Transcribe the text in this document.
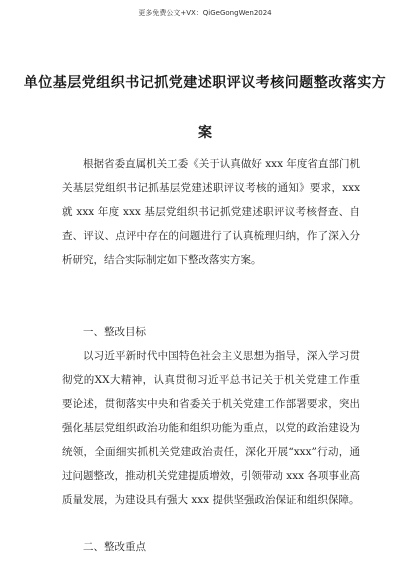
更多免费公文+VX：QiGeGongWen2024
单位基层党组织书记抓党建述职评议考核问题整改落实方
案

根据省委直属机关工委《关于认真做好 xxx 年度省直部门机关基层党组织书记抓基层党建述职评议考核的通知》要求，xxx 就 xxx 年度 xxx 基层党组织书记抓党建述职评议考核督查、自查、评议、点评中存在的问题进行了认真梳理归纳，作了深入分析研究，结合实际制定如下整改落实方案。

一、整改目标

以习近平新时代中国特色社会主义思想为指导，深入学习贯彻党的XX大精神，认真贯彻习近平总书记关于机关党建工作重要论述，贯彻落实中央和省委关于机关党建工作部署要求，突出强化基层党组织政治功能和组织功能为重点，以党的政治建设为统领，全面细实抓机关党建政治责任，深化开展“xxx”行动，通过问题整改，推动机关党建提质增效，引领带动 xxx 各项事业高质量发展，为建设具有强大 xxx 提供坚强政治保证和组织保障。

二、整改重点
